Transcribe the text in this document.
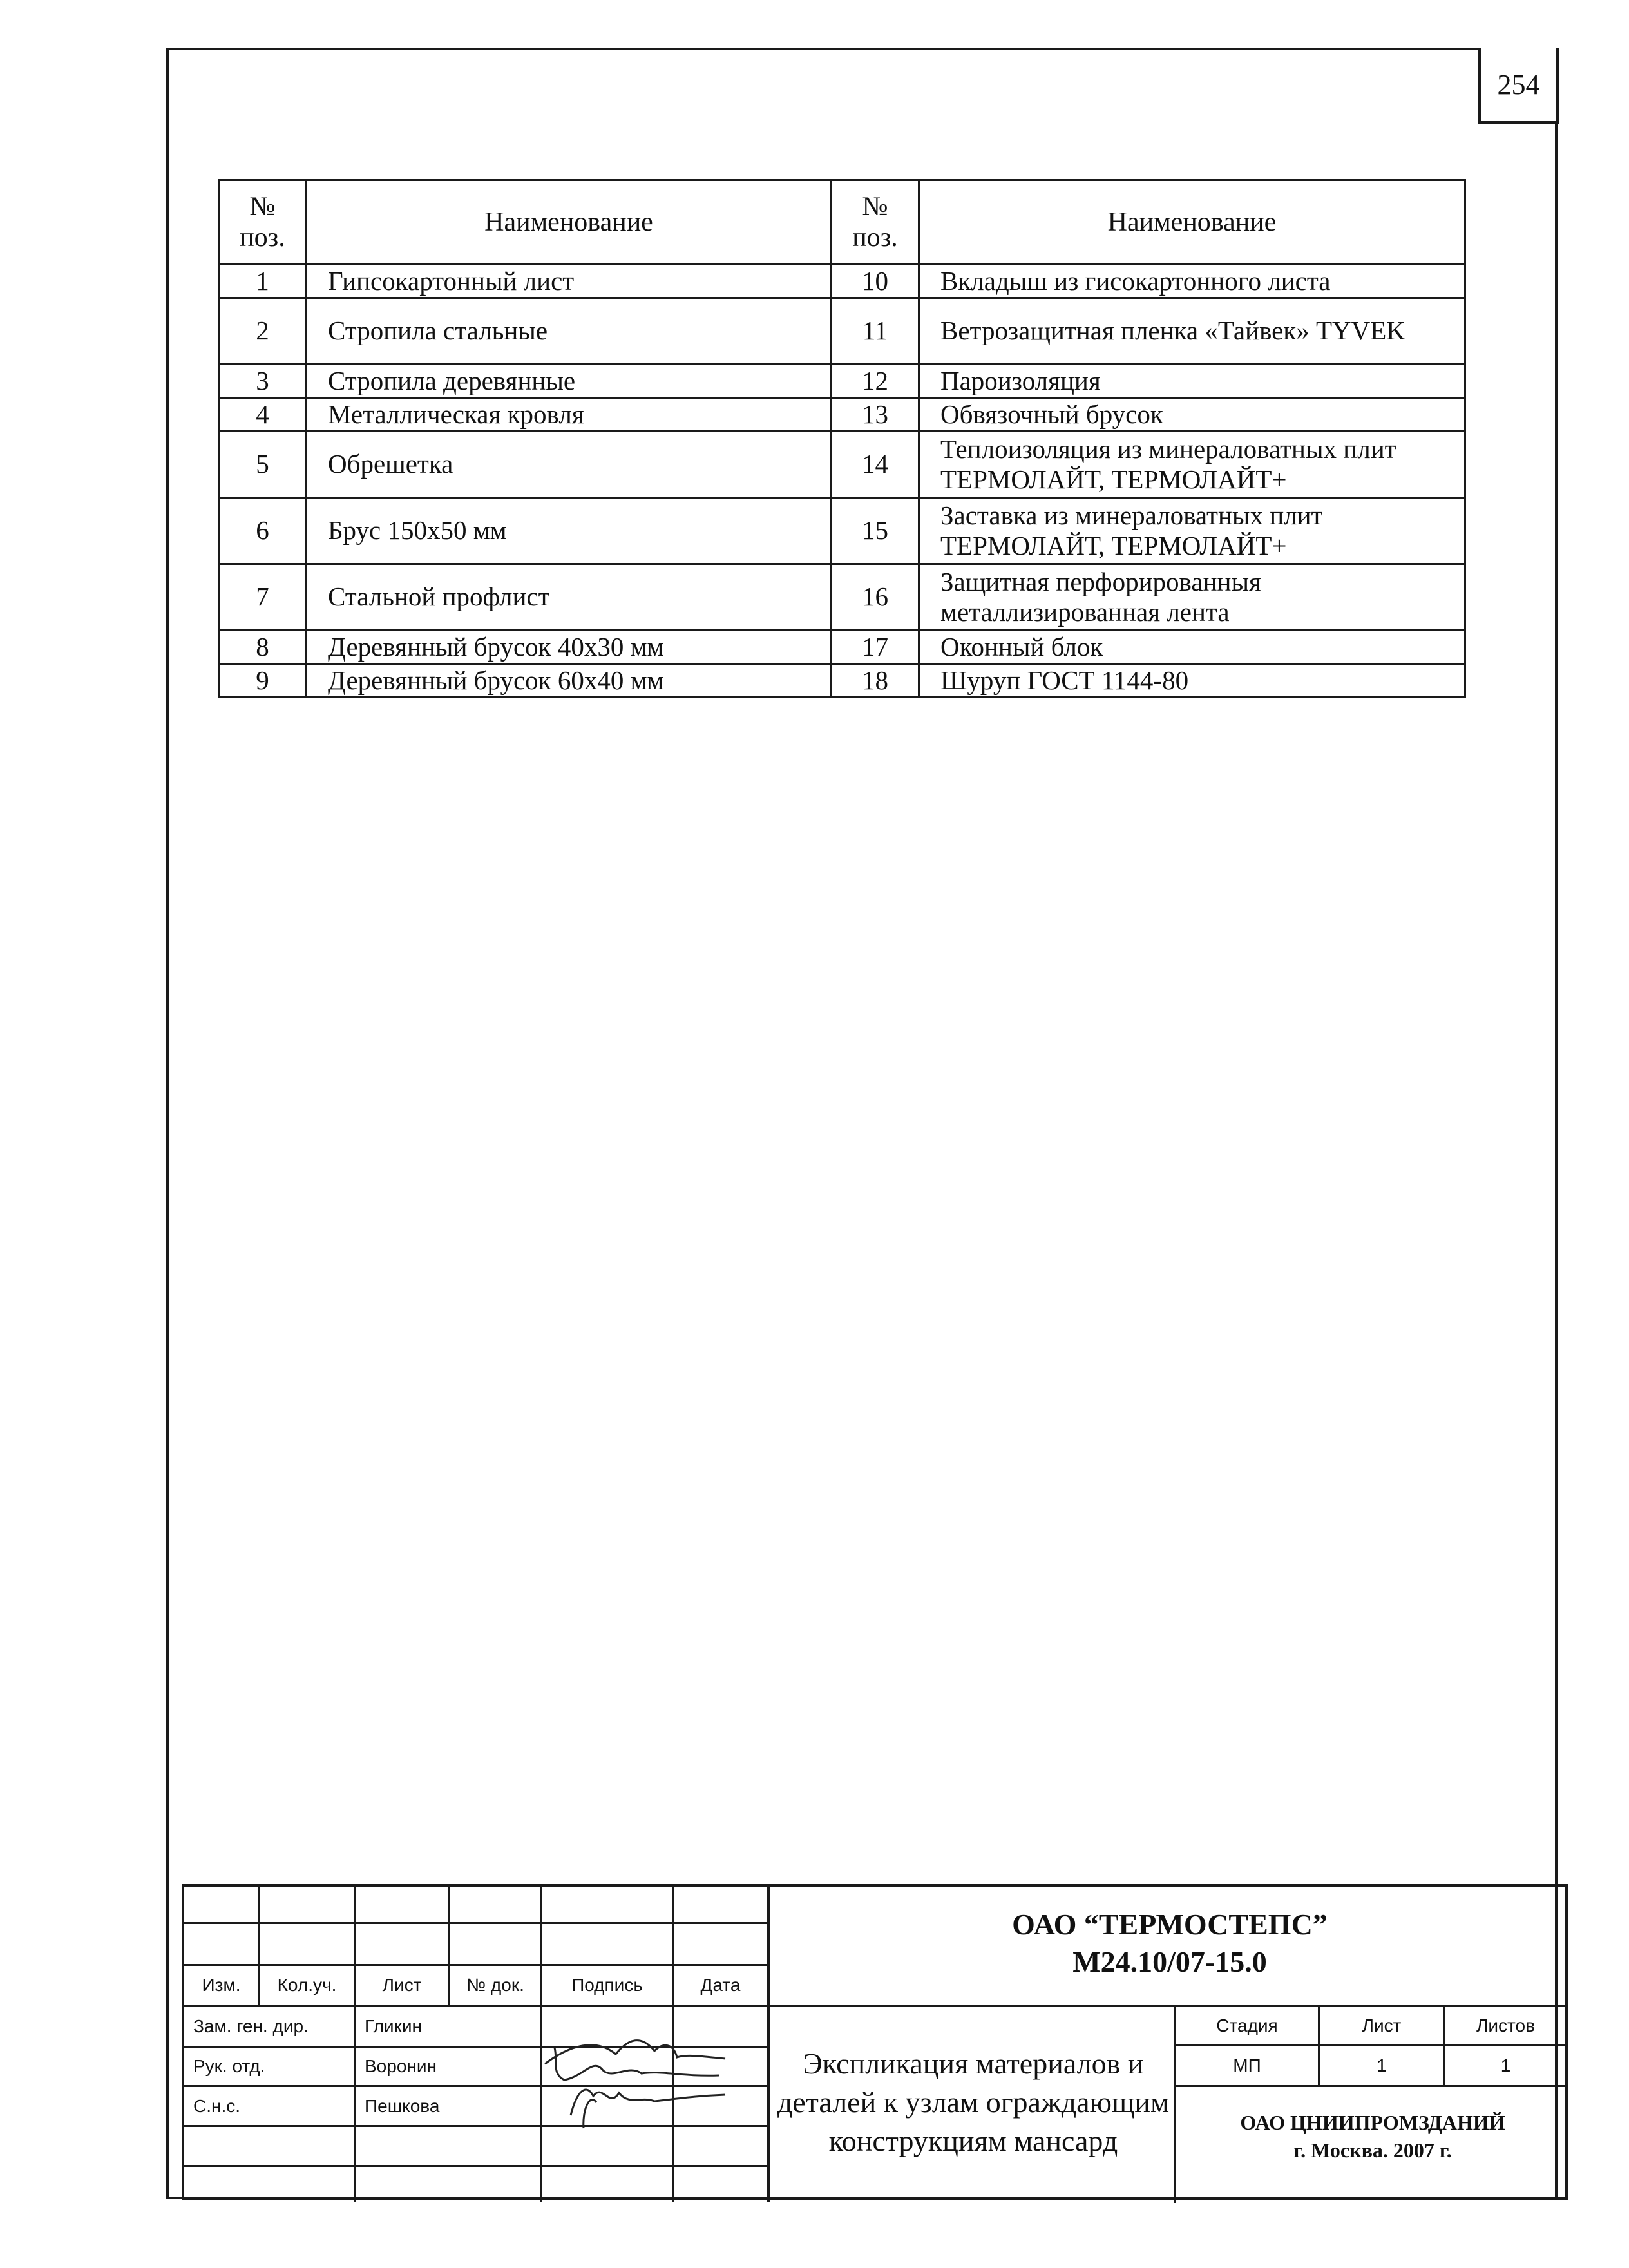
254
№ поз.	Наименование	№ поз.	Наименование
1	Гипсокартонный лист	10	Вкладыш из гисокартонного листа
2	Стропила стальные	11	Ветрозащитная пленка «Тайвек» TYVEK
3	Стропила деревянные	12	Пароизоляция
4	Металлическая кровля	13	Обвязочный брусок
5	Обрешетка	14	Теплоизоляция из минераловатных плит ТЕРМОЛАЙТ, ТЕРМОЛАЙТ+
6	Брус 150х50 мм	15	Заставка из минераловатных плит ТЕРМОЛАЙТ, ТЕРМОЛАЙТ+
7	Стальной профлист	16	Защитная перфорированныя металлизированная лента
8	Деревянный брусок 40х30 мм	17	Оконный блок
9	Деревянный брусок 60х40 мм	18	Шуруп ГОСТ 1144-80
Изм.	Кол.уч.	Лист	№ док.	Подпись	Дата
Зам. ген. дир.	Гликин
Рук. отд.	Воронин
С.н.с.	Пешкова
ОАО “ТЕРМОСТЕПС”
М24.10/07-15.0
Экспликация материалов и деталей к узлам ограждающим конструкциям мансард
Стадия	Лист	Листов
МП	1	1
ОАО ЦНИИПРОМЗДАНИЙ
г. Москва. 2007 г.
